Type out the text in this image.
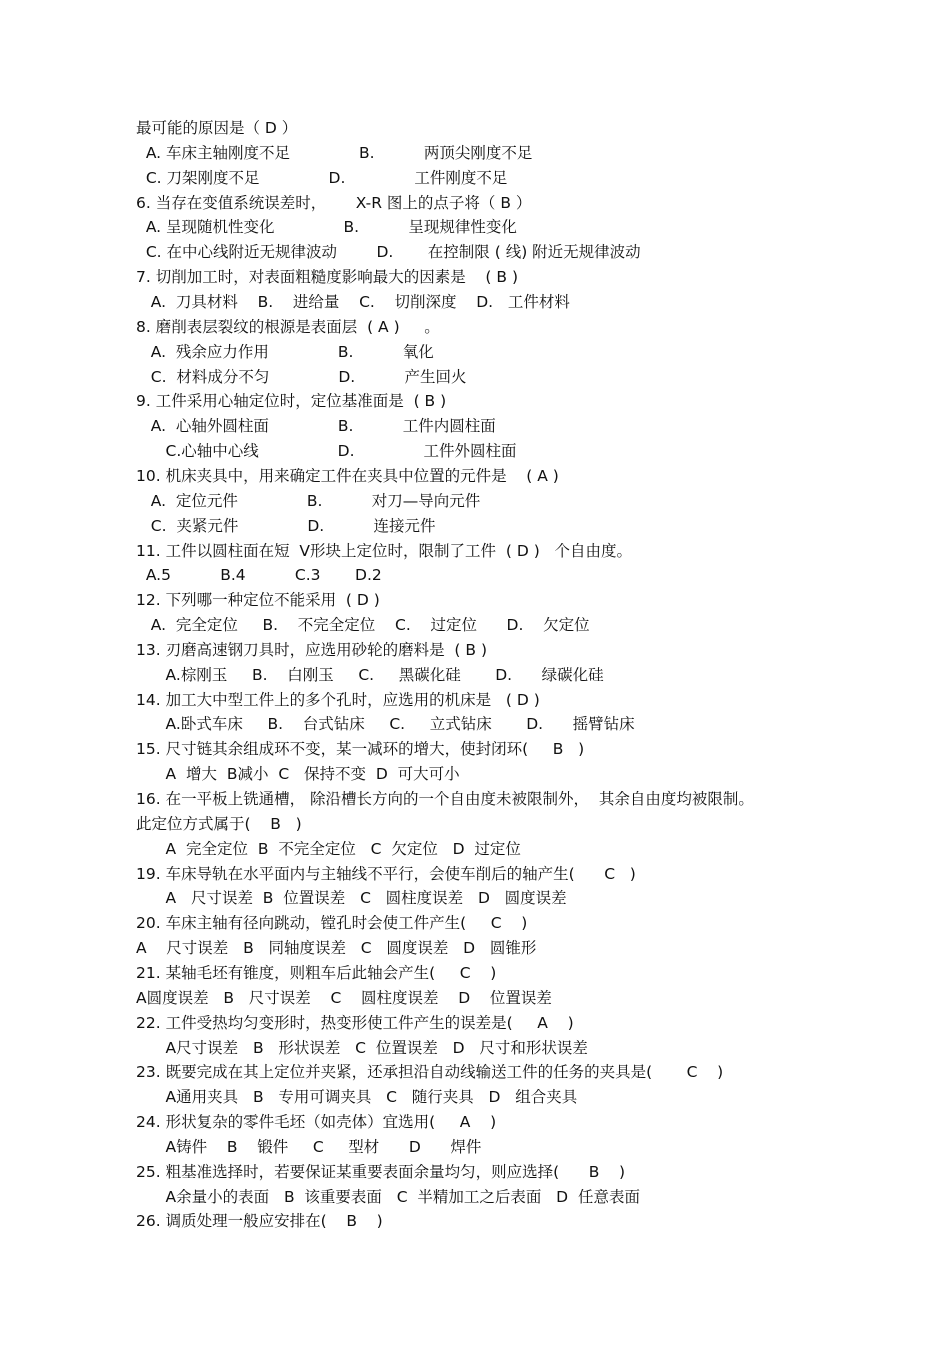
最可能的原因是（ D ）
A. 车床主轴刚度不足              B.          两顶尖刚度不足
C. 刀架刚度不足              D.              工件刚度不足
6. 当存在变值系统误差时，      X-R 图上的点子将（ B ）
A. 呈现随机性变化              B.          呈现规律性变化
C. 在中心线附近无规律波动        D.       在控制限 ( 线) 附近无规律波动
7. 切削加工时，对表面粗糙度影响最大的因素是    ( B )
A.  刀具材料    B.    进给量    C.    切削深度    D.   工件材料
8. 磨削表层裂纹的根源是表面层  ( A )     。
A.  残余应力作用              B.          氧化
C.  材料成分不匀              D.          产生回火
9. 工件采用心轴定位时，定位基准面是  ( B )
A.  心轴外圆柱面              B.          工件内圆柱面
C.心轴中心线                D.              工件外圆柱面
10. 机床夹具中，用来确定工件在夹具中位置的元件是    ( A )
A.  定位元件              B.          对刀—导向元件
C.  夹紧元件              D.          连接元件
11. 工件以圆柱面在短  V形块上定位时，限制了工件  ( D )   个自由度。
A.5          B.4          C.3       D.2
12. 下列哪一种定位不能采用  ( D )
A.  完全定位     B.    不完全定位    C.    过定位      D.    欠定位
13. 刃磨高速钢刀具时，应选用砂轮的磨料是  ( B )
A.棕刚玉     B.    白刚玉     C.     黑碳化硅       D.      绿碳化硅
14. 加工大中型工件上的多个孔时，应选用的机床是   ( D )
A.卧式车床     B.    台式钻床     C.     立式钻床       D.      摇臂钻床
15. 尺寸链其余组成环不变，某一减环的增大，使封闭环(     B   )
A  增大  B减小  C   保持不变  D  可大可小
16. 在一平板上铣通槽， 除沿槽长方向的一个自由度未被限制外，  其余自由度均被限制。
此定位方式属于(    B   )
A  完全定位  B  不完全定位   C  欠定位   D  过定位
19. 车床导轨在水平面内与主轴线不平行，会使车削后的轴产生(      C   )
A   尺寸误差  B  位置误差   C   圆柱度误差   D   圆度误差
20. 车床主轴有径向跳动，镗孔时会使工件产生(     C    )
A    尺寸误差   B   同轴度误差   C   圆度误差   D   圆锥形
21. 某轴毛坯有锥度，则粗车后此轴会产生(     C    )
A圆度误差   B   尺寸误差    C    圆柱度误差    D    位置误差
22. 工件受热均匀变形时，热变形使工件产生的误差是(     A    )
A尺寸误差   B   形状误差   C  位置误差   D   尺寸和形状误差
23. 既要完成在其上定位并夹紧，还承担沿自动线输送工件的任务的夹具是(       C    )
A通用夹具   B   专用可调夹具   C   随行夹具   D   组合夹具
24. 形状复杂的零件毛坯（如壳体）宜选用(     A    )
A铸件    B    锻件     C     型材      D      焊件
25. 粗基准选择时，若要保证某重要表面余量均匀，则应选择(      B    )
A余量小的表面   B  该重要表面   C  半精加工之后表面   D  任意表面
26. 调质处理一般应安排在(    B    )
